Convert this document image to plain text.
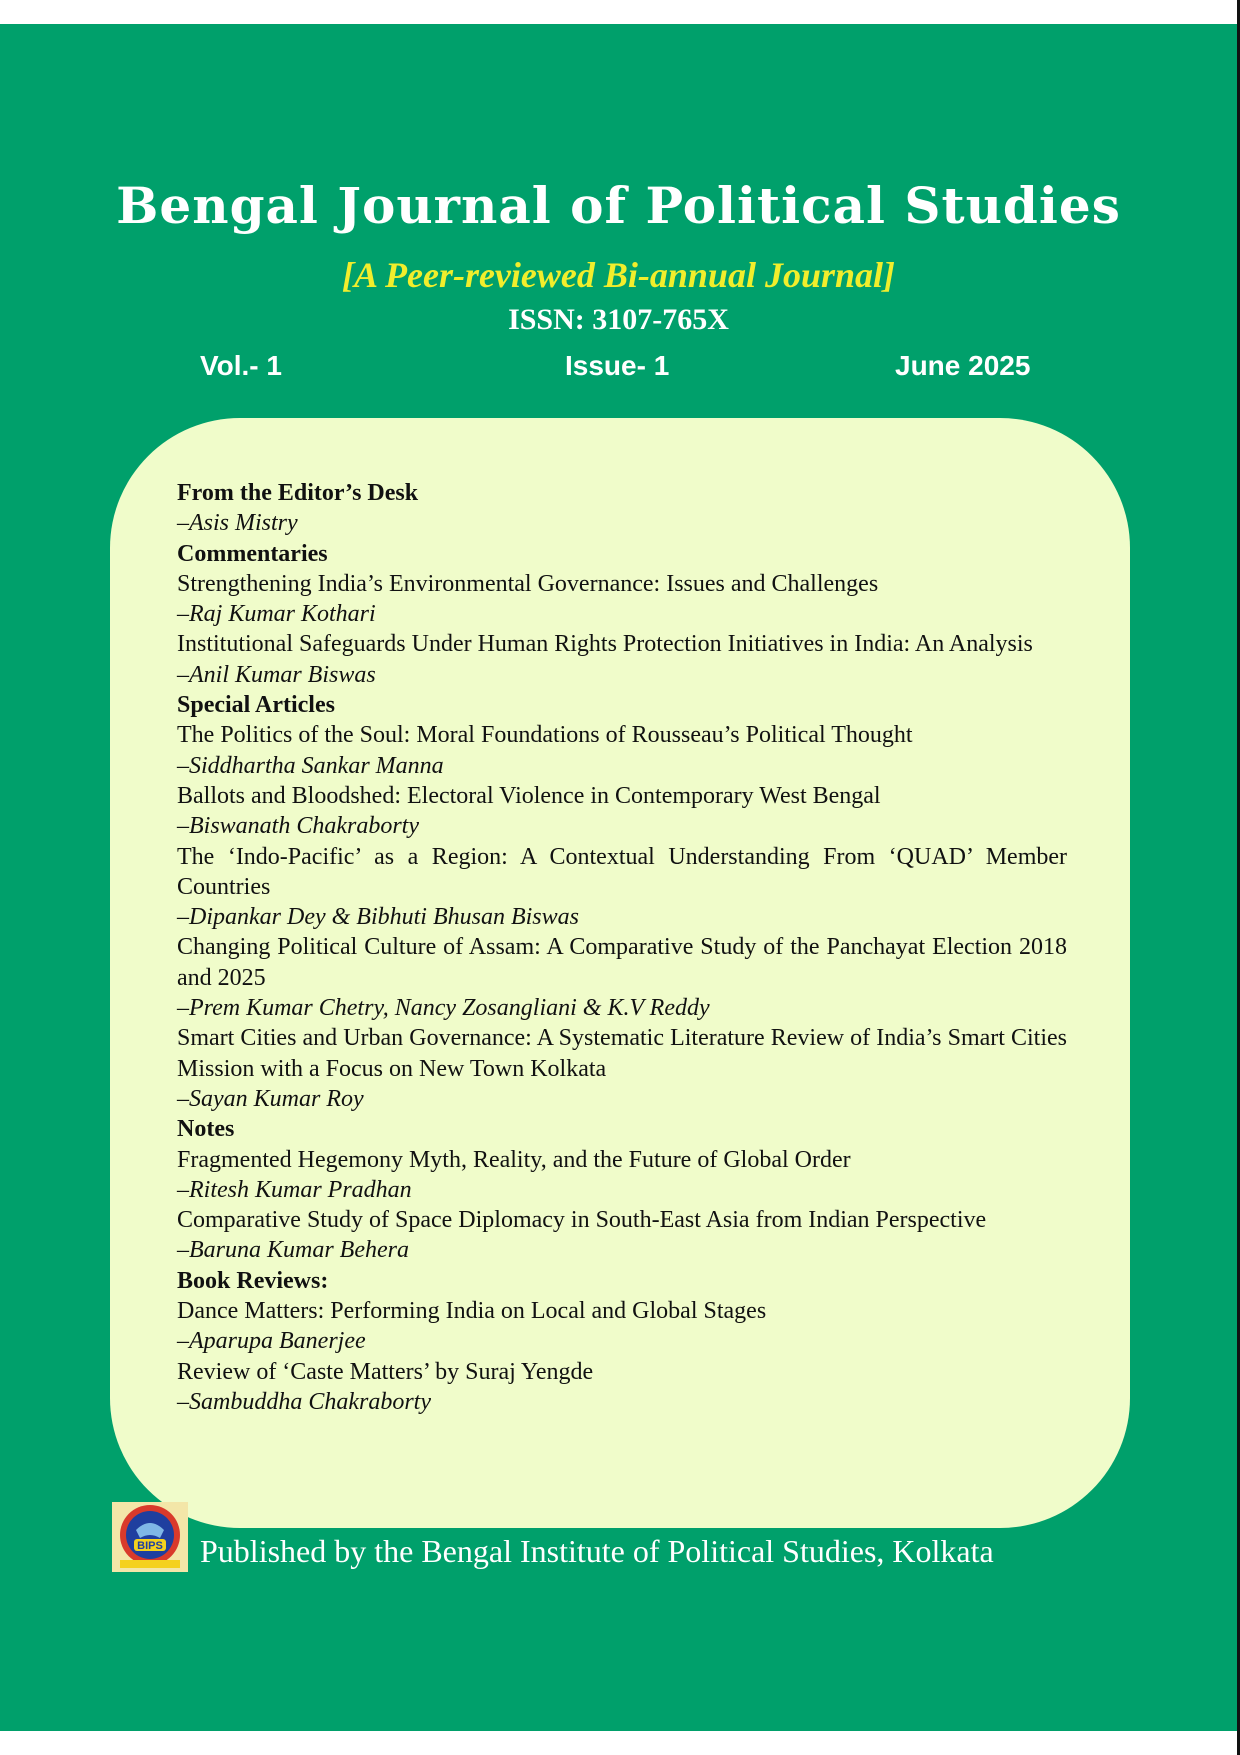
Bengal Journal of Political Studies
[A Peer-reviewed Bi-annual Journal]
ISSN: 3107-765X
Vol.- 1	Issue- 1	June 2025
From the Editor’s Desk
–Asis Mistry
Commentaries
Strengthening India’s Environmental Governance: Issues and Challenges
–Raj Kumar Kothari
Institutional Safeguards Under Human Rights Protection Initiatives in India: An Analysis
–Anil Kumar Biswas
Special Articles
The Politics of the Soul: Moral Foundations of Rousseau’s Political Thought
–Siddhartha Sankar Manna
Ballots and Bloodshed: Electoral Violence in Contemporary West Bengal
–Biswanath Chakraborty
The ‘Indo-Pacific’ as a Region: A Contextual Understanding From ‘QUAD’ Member Countries
–Dipankar Dey & Bibhuti Bhusan Biswas
Changing Political Culture of Assam: A Comparative Study of the Panchayat Election 2018 and 2025
–Prem Kumar Chetry, Nancy Zosangliani & K.V Reddy
Smart Cities and Urban Governance: A Systematic Literature Review of India’s Smart Cities Mission with a Focus on New Town Kolkata
–Sayan Kumar Roy
Notes
Fragmented Hegemony Myth, Reality, and the Future of Global Order
–Ritesh Kumar Pradhan
Comparative Study of Space Diplomacy in South-East Asia from Indian Perspective
–Baruna Kumar Behera
Book Reviews:
Dance Matters: Performing India on Local and Global Stages
–Aparupa Banerjee
Review of ‘Caste Matters’ by Suraj Yengde
–Sambuddha Chakraborty
BIPS Published by the Bengal Institute of Political Studies, Kolkata
